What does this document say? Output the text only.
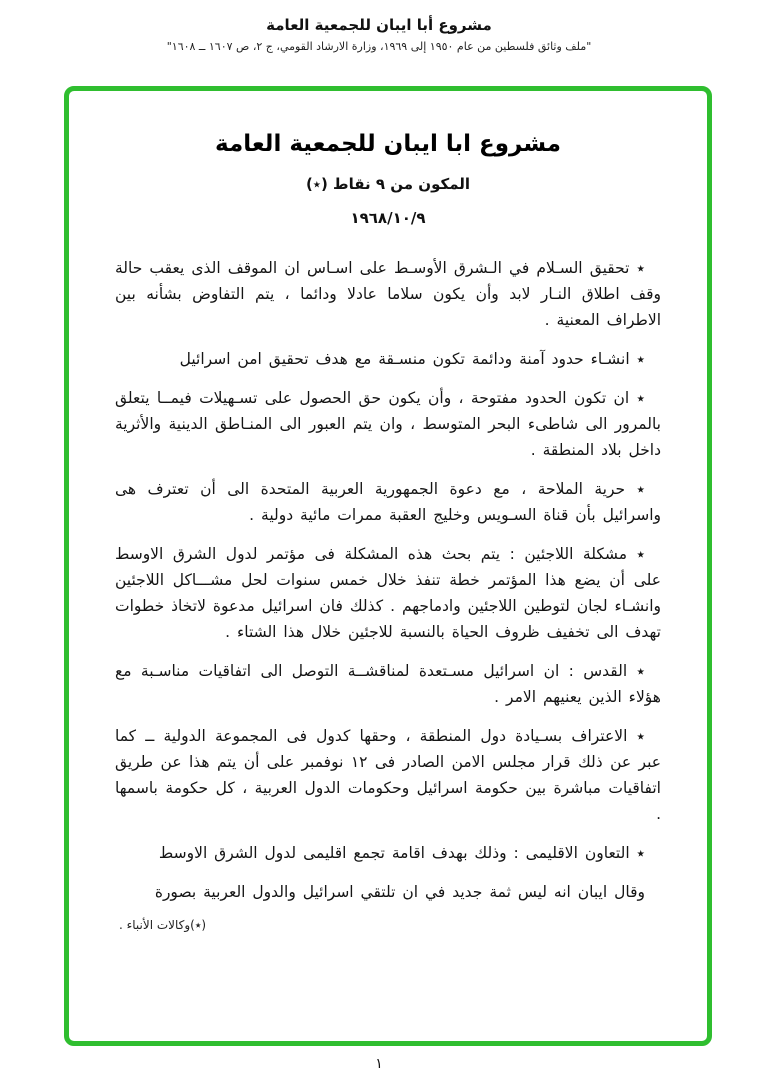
مشروع أبا ايبان للجمعية العامة
"ملف وثائق فلسطين من عام ١٩٥٠ إلى ١٩٦٩، وزارة الارشاد القومي، ج ٢، ص ١٦٠٧ ــ ١٦٠٨"
مشروع ابا ايبان للجمعية العامة
المكون من ٩ نقاط (٭)
١٩٦٨/١٠/٩

٭ تحقيق السـلام في الـشرق الأوسـط على اسـاس ان الموقف الذى يعقب حالة وقف اطلاق النـار لابد وأن يكون سلاما عادلا ودائما ، يتم التفاوض بشأنه بين الاطراف المعنية .

٭ انشـاء حدود آمنة ودائمة تكون منسـقة مع هدف تحقيق امن اسرائيل

٭ ان تكون الحدود مفتوحة ، وأن يكون حق الحصول على تسـهيلات فيمــا يتعلق بالمرور الى شاطىء البحر المتوسط ، وان يتم العبور الى المنـاطق الدينية والأثرية داخل بلاد المنطقة .

٭ حرية الملاحة ، مع دعوة الجمهورية العربية المتحدة الى أن تعترف هى واسرائيل بأن قناة السـويس وخليج العقبة ممرات مائية دولية .

٭ مشكلة اللاجئين : يتم بحث هذه المشكلة فى مؤتمر لدول الشرق الاوسط على أن يضع هذا المؤتمر خطة تنفذ خلال خمس سنوات لحل مشـــاكل اللاجئين وانشـاء لجان لتوطين اللاجئين وادماجهم . كذلك فان اسرائيل مدعوة لاتخاذ خطوات تهدف الى تخفيف ظروف الحياة بالنسبة للاجئين خلال هذا الشتاء .

٭ القدس : ان اسرائيل مسـتعدة لمناقشــة التوصل الى اتفاقيات مناسـبة مع هؤلاء الذين يعنيهم الامر .

٭ الاعتراف بسـيادة دول المنطقة ، وحقها كدول فى المجموعة الدولية ــ كما عبر عن ذلك قرار مجلس الامن الصادر فى ١٢ نوفمبر على أن يتم هذا عن طريق اتفاقيات مباشرة بين حكومة اسرائيل وحكومات الدول العربية ، كل حكومة باسمها .

٭ التعاون الاقليمى : وذلك بهدف اقامة تجمع اقليمى لدول الشرق الاوسط

وقال ايبان انه ليس ثمة جديد في ان تلتقي اسرائيل والدول العربية بصورة

(٭)وكالات الأنباء .
١
